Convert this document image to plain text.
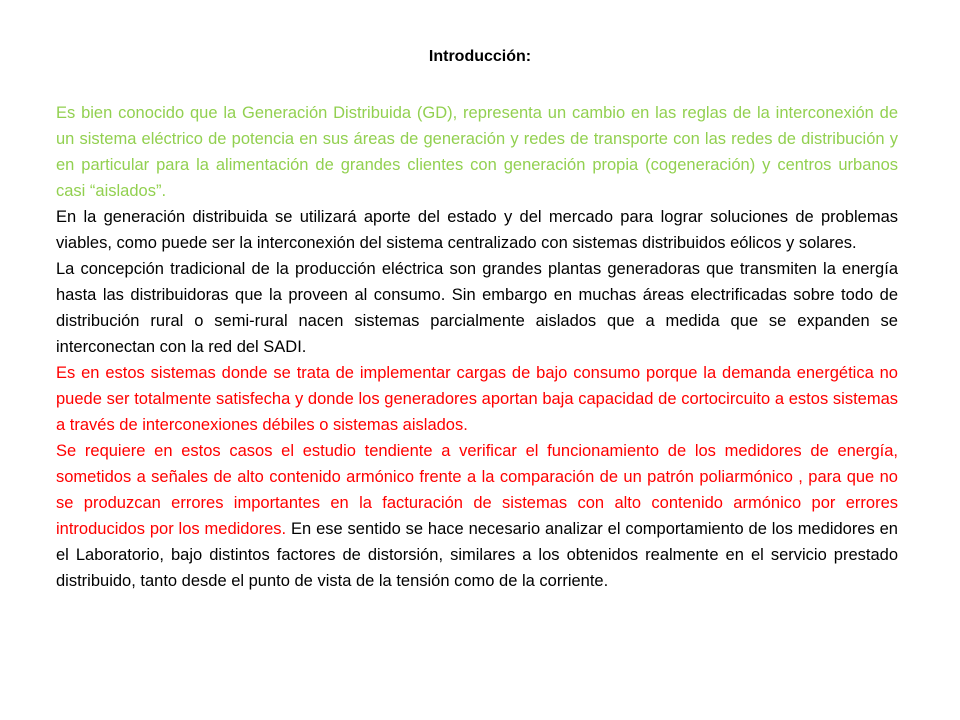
Introducción:

Es bien conocido que la Generación Distribuida (GD), representa un cambio en las reglas de la interconexión de un sistema eléctrico de potencia en sus áreas de generación y redes de transporte con las redes de distribución y en particular para la alimentación de grandes clientes con generación propia (cogeneración) y centros urbanos casi “aislados”.

En la generación distribuida se utilizará aporte del estado y del mercado para lograr soluciones de problemas viables, como puede ser la interconexión del sistema centralizado con sistemas distribuidos eólicos y solares.

La concepción tradicional de la producción eléctrica son grandes plantas generadoras que transmiten la energía hasta las distribuidoras que la proveen al consumo. Sin embargo en muchas áreas electrificadas sobre todo de distribución rural o semi-rural nacen sistemas parcialmente aislados que a medida que se expanden se interconectan con la red del SADI.

Es en estos sistemas donde se trata de implementar cargas de bajo consumo porque la demanda energética no puede ser totalmente satisfecha y donde los generadores aportan baja capacidad de cortocircuito a estos sistemas a través de interconexiones débiles o sistemas aislados.

Se requiere en estos casos el estudio tendiente a verificar el funcionamiento de los medidores de energía, sometidos a señales de alto contenido armónico frente a la comparación de un patrón poliarmónico , para que no se produzcan errores importantes en la facturación de sistemas con alto contenido armónico por errores introducidos por los medidores. En ese sentido se hace necesario analizar el comportamiento de los medidores en el Laboratorio, bajo distintos factores de distorsión, similares a los obtenidos realmente en el servicio prestado distribuido, tanto desde el punto de vista de la tensión como de la corriente.
